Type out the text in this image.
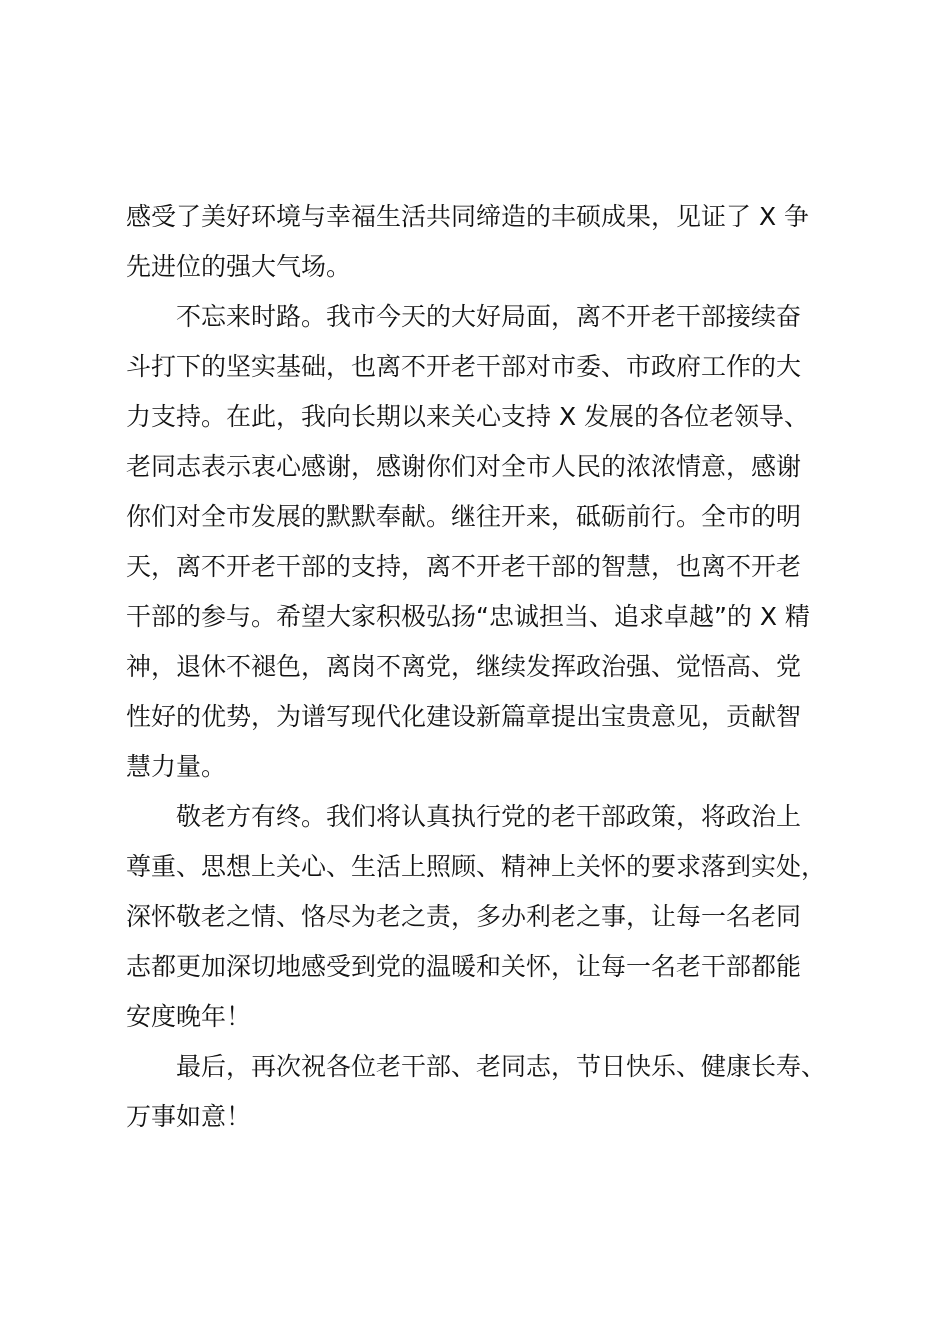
感受了美好环境与幸福生活共同缔造的丰硕成果，见证了 X 争
先进位的强大气场。
不忘来时路。我市今天的大好局面，离不开老干部接续奋
斗打下的坚实基础，也离不开老干部对市委、市政府工作的大
力支持。在此，我向长期以来关心支持 X 发展的各位老领导、
老同志表示衷心感谢，感谢你们对全市人民的浓浓情意，感谢
你们对全市发展的默默奉献。继往开来，砥砺前行。全市的明
天，离不开老干部的支持，离不开老干部的智慧，也离不开老
干部的参与。希望大家积极弘扬“忠诚担当、追求卓越”的 X 精
神，退休不褪色，离岗不离党，继续发挥政治强、觉悟高、党
性好的优势，为谱写现代化建设新篇章提出宝贵意见，贡献智
慧力量。
敬老方有终。我们将认真执行党的老干部政策，将政治上
尊重、思想上关心、生活上照顾、精神上关怀的要求落到实处，
深怀敬老之情、恪尽为老之责，多办利老之事，让每一名老同
志都更加深切地感受到党的温暖和关怀，让每一名老干部都能
安度晚年！
最后，再次祝各位老干部、老同志，节日快乐、健康长寿、
万事如意！
